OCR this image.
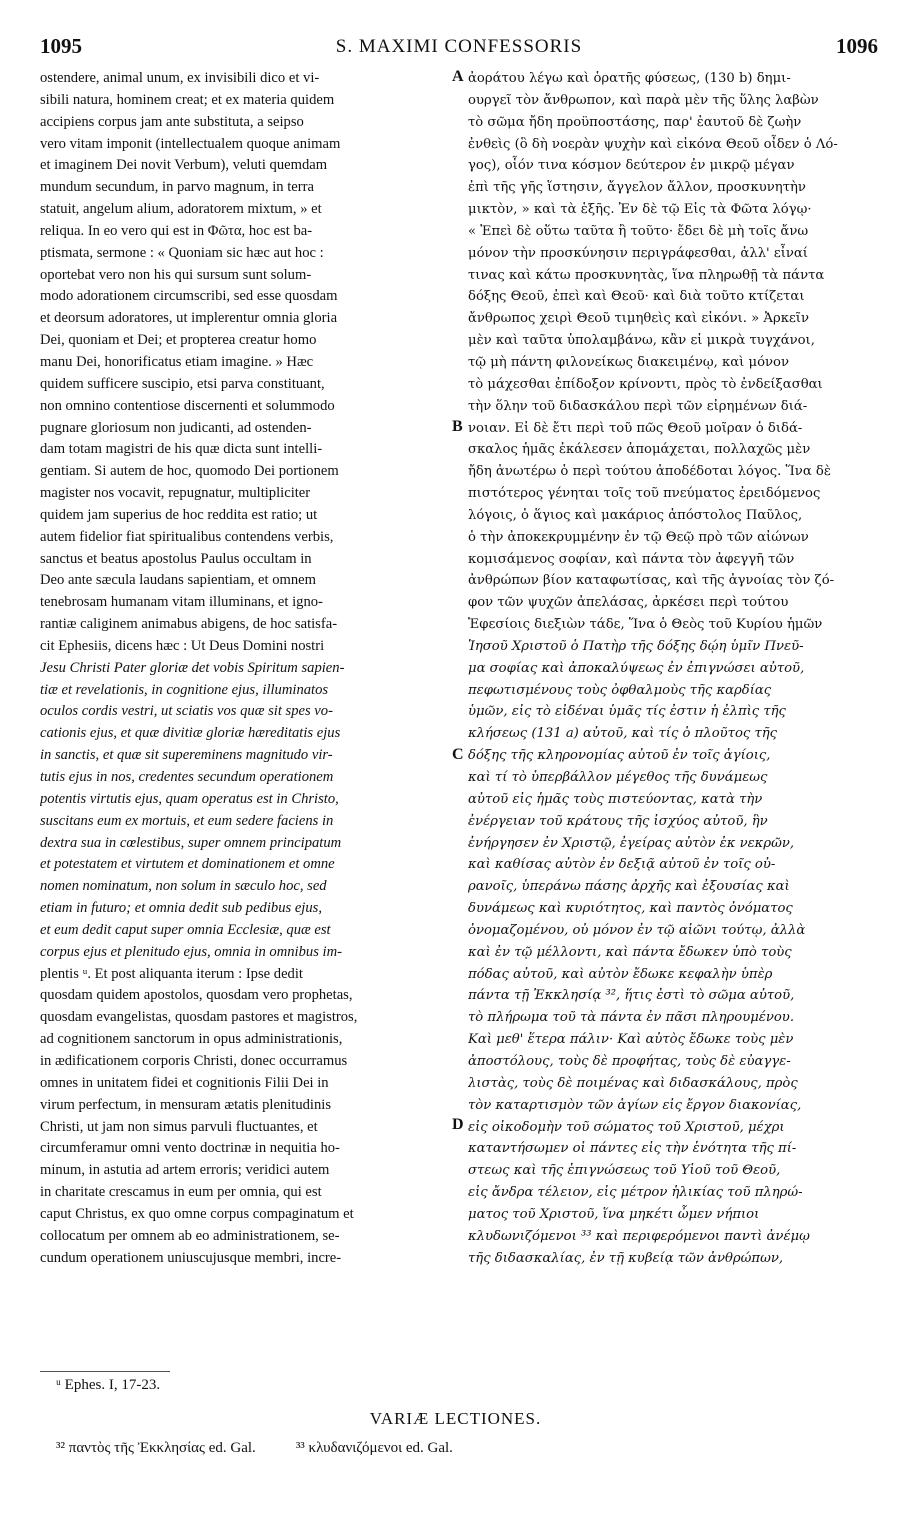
1095	S. MAXIMI CONFESSORIS	1096
ostendere, animal unum, ex invisibili dico et vi-
sibili natura, hominem creat; et ex materia quidem
accipiens corpus jam ante substituta, a seipso
vero vitam imponit (intellectualem quoque animam
et imaginem Dei novit Verbum), veluti quemdam
mundum secundum, in parvo magnum, in terra
statuit, angelum alium, adoratorem mixtum, » et
reliqua. In eo vero qui est in Φῶτα, hoc est ba-
ptismata, sermone : « Quoniam sic hæc aut hoc :
oportebat vero non his qui sursum sunt solum-
modo adorationem circumscribi, sed esse quosdam
et deorsum adoratores, ut implerentur omnia gloria
Dei, quoniam et Dei; et propterea creatur homo
manu Dei, honorificatus etiam imagine. » Hæc
quidem sufficere suscipio, etsi parva constituant,
non omnino contentiose discernenti et solummodo
pugnare gloriosum non judicanti, ad ostenden-
dam totam magistri de his quæ dicta sunt intelli-
gentiam. Si autem de hoc, quomodo Dei portionem
magister nos vocavit, repugnatur, multipliciter
quidem jam superius de hoc reddita est ratio; ut
autem fidelior fiat spiritualibus contendens verbis,
sanctus et beatus apostolus Paulus occultam in
Deo ante sæcula laudans sapientiam, et omnem
tenebrosam humanam vitam illuminans, et igno-
rantiæ caliginem animabus abigens, de hoc satisfa-
cit Ephesiis, dicens hæc : Ut Deus Domini nostri
Jesu Christi Pater gloriæ det vobis Spiritum sapien-
tiæ et revelationis, in cognitione ejus, illuminatos
oculos cordis vestri, ut sciatis vos quæ sit spes vo-
cationis ejus, et quæ divitiæ gloriæ hæreditatis ejus
in sanctis, et quæ sit supereminens magnitudo vir-
tutis ejus in nos, credentes secundum operationem
potentis virtutis ejus, quam operatus est in Christo,
suscitans eum ex mortuis, et eum sedere faciens in
dextra sua in cœlestibus, super omnem principatum
et potestatem et virtutem et dominationem et omne
nomen nominatum, non solum in sæculo hoc, sed
etiam in futuro; et omnia dedit sub pedibus ejus,
et eum dedit caput super omnia Ecclesiæ, quæ est
corpus ejus et plenitudo ejus, omnia in omnibus im-
plentis ᵘ. Et post aliquanta iterum : Ipse dedit
quosdam quidem apostolos, quosdam vero prophetas,
quosdam evangelistas, quosdam pastores et magistros,
ad cognitionem sanctorum in opus administrationis,
in ædificationem corporis Christi, donec occurramus
omnes in unitatem fidei et cognitionis Filii Dei in
virum perfectum, in mensuram ætatis plenitudinis
Christi, ut jam non simus parvuli fluctuantes, et
circumferamur omni vento doctrinæ in nequitia ho-
minum, in astutia ad artem erroris; veridici autem
in charitate crescamus in eum per omnia, qui est
caput Christus, ex quo omne corpus compaginatum et
collocatum per omnem ab eo administrationem, se-
cundum operationem uniuscujusque membri, incre-
ἀοράτου λέγω καὶ ὁρατῆς φύσεως, (130 b) δημι-
ουργεῖ τὸν ἄνθρωπον, καὶ παρὰ μὲν τῆς ὕλης λαβὼν
τὸ σῶμα ἤδη προϋποστάσης, παρ' ἑαυτοῦ δὲ ζωὴν
ἐνθεὶς (ὃ δὴ νοερὰν ψυχὴν καὶ εἰκόνα Θεοῦ οἶδεν ὁ Λό-
γος), οἷόν τινα κόσμον δεύτερον ἐν μικρῷ μέγαν
ἐπὶ τῆς γῆς ἵστησιν, ἄγγελον ἄλλον, προσκυνητὴν
μικτὸν, » καὶ τὰ ἑξῆς. Ἐν δὲ τῷ Εἰς τὰ Φῶτα λόγῳ·
« Ἐπεὶ δὲ οὕτω ταῦτα ἢ τοῦτο· ἔδει δὲ μὴ τοῖς ἄνω
μόνον τὴν προσκύνησιν περιγράφεσθαι, ἀλλ' εἶναί
τινας καὶ κάτω προσκυνητὰς, ἵνα πληρωθῇ τὰ πάντα
δόξης Θεοῦ, ἐπεὶ καὶ Θεοῦ· καὶ διὰ τοῦτο κτίζεται
ἄνθρωπος χειρὶ Θεοῦ τιμηθεὶς καὶ εἰκόνι. » Ἀρκεῖν
μὲν καὶ ταῦτα ὑπολαμβάνω, κἂν εἰ μικρὰ τυγχάνοι,
τῷ μὴ πάντη φιλονείκως διακειμένῳ, καὶ μόνον
τὸ μάχεσθαι ἐπίδοξον κρίνοντι, πρὸς τὸ ἐνδείξασθαι
τὴν ὅλην τοῦ διδασκάλου περὶ τῶν εἰρημένων διά-
νοιαν. Εἰ δὲ ἔτι περὶ τοῦ πῶς Θεοῦ μοῖραν ὁ διδά-
σκαλος ἡμᾶς ἐκάλεσεν ἀπομάχεται, πολλαχῶς μὲν
ἤδη ἀνωτέρω ὁ περὶ τούτου ἀποδέδοται λόγος. Ἵνα δὲ
πιστότερος γένηται τοῖς τοῦ πνεύματος ἐρειδόμενος
λόγοις, ὁ ἅγιος καὶ μακάριος ἀπόστολος Παῦλος,
ὁ τὴν ἀποκεκρυμμένην ἐν τῷ Θεῷ πρὸ τῶν αἰώνων
κομισάμενος σοφίαν, καὶ πάντα τὸν ἀφεγγῆ τῶν
ἀνθρώπων βίον καταφωτίσας, καὶ τῆς ἀγνοίας τὸν ζό-
φον τῶν ψυχῶν ἀπελάσας, ἀρκέσει περὶ τούτου
Ἐφεσίοις διεξιὼν τάδε, Ἵνα ὁ Θεὸς τοῦ Κυρίου ἡμῶν
Ἰησοῦ Χριστοῦ ὁ Πατὴρ τῆς δόξης δῴη ὑμῖν Πνεῦ-
μα σοφίας καὶ ἀποκαλύψεως ἐν ἐπιγνώσει αὐτοῦ,
πεφωτισμένους τοὺς ὀφθαλμοὺς τῆς καρδίας
ὑμῶν, εἰς τὸ εἰδέναι ὑμᾶς τίς ἐστιν ἡ ἐλπὶς τῆς
κλήσεως (131 a) αὐτοῦ, καὶ τίς ὁ πλοῦτος τῆς
δόξης τῆς κληρονομίας αὐτοῦ ἐν τοῖς ἁγίοις,
καὶ τί τὸ ὑπερβάλλον μέγεθος τῆς δυνάμεως
αὐτοῦ εἰς ἡμᾶς τοὺς πιστεύοντας, κατὰ τὴν
ἐνέργειαν τοῦ κράτους τῆς ἰσχύος αὐτοῦ, ἣν
ἐνήργησεν ἐν Χριστῷ, ἐγείρας αὐτὸν ἐκ νεκρῶν,
καὶ καθίσας αὐτὸν ἐν δεξιᾷ αὐτοῦ ἐν τοῖς οὐ-
ρανοῖς, ὑπεράνω πάσης ἀρχῆς καὶ ἐξουσίας καὶ
δυνάμεως καὶ κυριότητος, καὶ παντὸς ὀνόματος
ὀνομαζομένου, οὐ μόνον ἐν τῷ αἰῶνι τούτῳ, ἀλλὰ
καὶ ἐν τῷ μέλλοντι, καὶ πάντα ἔδωκεν ὑπὸ τοὺς
πόδας αὐτοῦ, καὶ αὐτὸν ἔδωκε κεφαλὴν ὑπὲρ
πάντα τῇ Ἐκκλησίᾳ ³², ἥτις ἐστὶ τὸ σῶμα αὐτοῦ,
τὸ πλήρωμα τοῦ τὰ πάντα ἐν πᾶσι πληρουμένου.
Καὶ μεθ' ἕτερα πάλιν· Καὶ αὐτὸς ἔδωκε τοὺς μὲν
ἀποστόλους, τοὺς δὲ προφήτας, τοὺς δὲ εὐαγγε-
λιστὰς, τοὺς δὲ ποιμένας καὶ διδασκάλους, πρὸς
τὸν καταρτισμὸν τῶν ἁγίων εἰς ἔργον διακονίας,
εἰς οἰκοδομὴν τοῦ σώματος τοῦ Χριστοῦ, μέχρι
καταντήσωμεν οἱ πάντες εἰς τὴν ἑνότητα τῆς πί-
στεως καὶ τῆς ἐπιγνώσεως τοῦ Υἱοῦ τοῦ Θεοῦ,
εἰς ἄνδρα τέλειον, εἰς μέτρον ἡλικίας τοῦ πληρώ-
ματος τοῦ Χριστοῦ, ἵνα μηκέτι ὦμεν νήπιοι
κλυδωνιζόμενοι ³³ καὶ περιφερόμενοι παντὶ ἀνέμῳ
τῆς διδασκαλίας, ἐν τῇ κυβείᾳ τῶν ἀνθρώπων,
A
B
C
D
ᵘ Ephes. I, 17-23.
VARIÆ LECTIONES.
³² παντὸς τῆς Ἐκκλησίας ed. Gal.	³³ κλυδανιζόμενοι ed. Gal.
